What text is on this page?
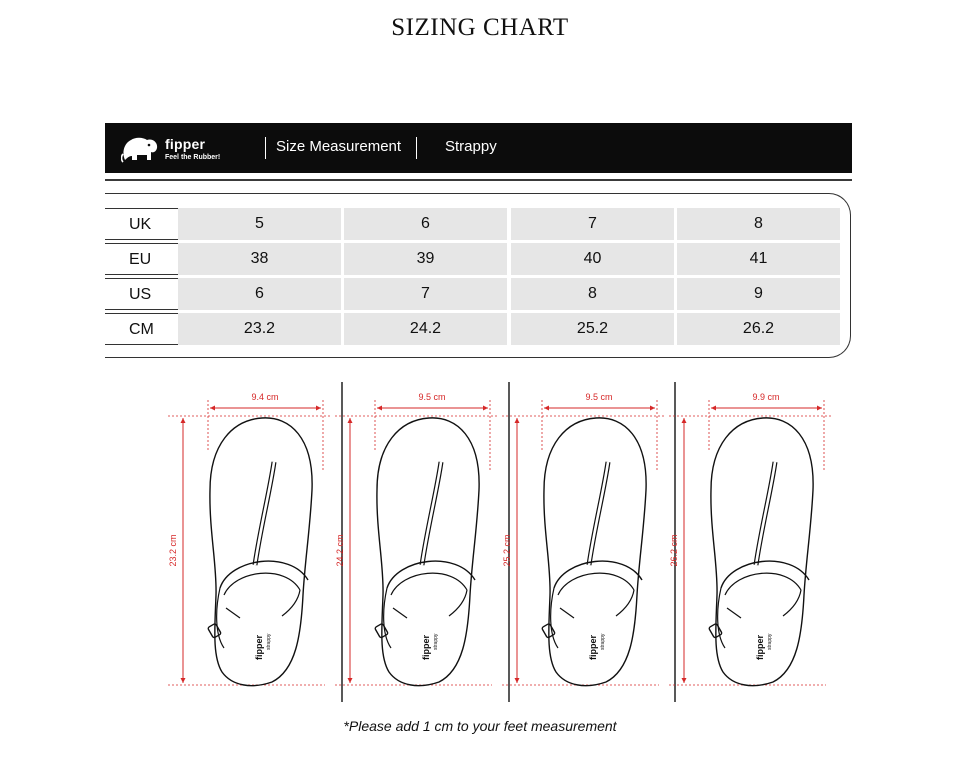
SIZING CHART
fipper
Feel the Rubber!
Size Measurement	Strappy
UK	5	6	7	8
EU	38	39	40	41
US	6	7	8	9
CM	23.2	24.2	25.2	26.2
9.4 cm
23.2 cm
fipper strappy
9.5 cm
24.2 cm
fipper strappy
9.5 cm
25.2 cm
fipper strappy
9.9 cm
26.2 cm
fipper strappy
*Please add 1 cm to your feet measurement
